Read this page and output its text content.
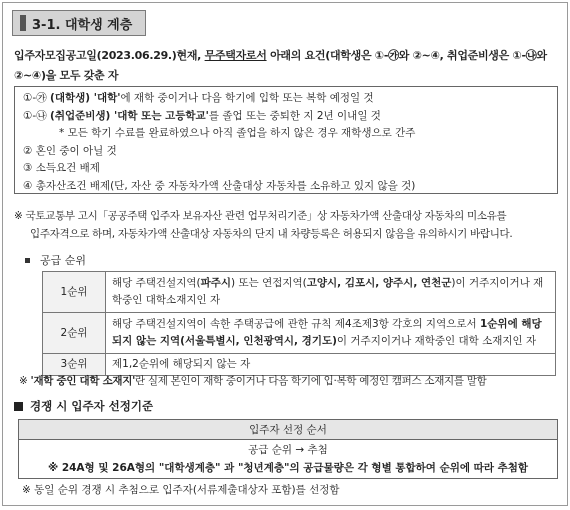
3-1. 대학생 계층
입주자모집공고일(2023.06.29.)현재, 무주택자로서 아래의 요건(대학생은 ①-㉮와 ②~④, 취업준비생은 ①-㉯와 ②~④)을 모두 갖춘 자
①-㉮ (대학생) '대학'에 재학 중이거나 다음 학기에 입학 또는 복학 예정일 것
①-㉯ (취업준비생) '대학 또는 고등학교'를 졸업 또는 중퇴한 지 2년 이내일 것
* 모든 학기 수료를 완료하였으나 아직 졸업을 하지 않은 경우 재학생으로 간주
② 혼인 중이 아닐 것
③ 소득요건 배제
④ 총자산조건 배제(단, 자산 중 자동차가액 산출대상 자동차를 소유하고 있지 않을 것)
※ 국토교통부 고시「공공주택 입주자 보유자산 관련 업무처리기준」상 자동차가액 산출대상 자동차의 미소유를
입주자격으로 하며, 자동차가액 산출대상 자동차의 단지 내 차량등록은 허용되지 않음을 유의하시기 바랍니다.
공급 순위
1순위	해당 주택건설지역(파주시) 또는 연접지역(고양시, 김포시, 양주시, 연천군)이 거주지이거나 재학중인 대학소재지인 자
2순위	해당 주택건설지역이 속한 주택공급에 관한 규칙 제4조제3항 각호의 지역으로서 1순위에 해당되지 않는 지역(서울특별시, 인천광역시, 경기도)이 거주지이거나 재학중인 대학 소재지인 자
3순위	제1,2순위에 해당되지 않는 자
※ '재학 중인 대학 소재지'란 실제 본인이 재학 중이거나 다음 학기에 입·복학 예정인 캠퍼스 소재지를 말함
경쟁 시 입주자 선정기준
입주자 선정 순서

공급 순위 → 추첨
※ 24A형 및 26A형의 "대학생계층" 과 "청년계층"의 공급물량은 각 형별 통합하여 순위에 따라 추첨함
※ 동일 순위 경쟁 시 추첨으로 입주자(서류제출대상자 포함)를 선정함
